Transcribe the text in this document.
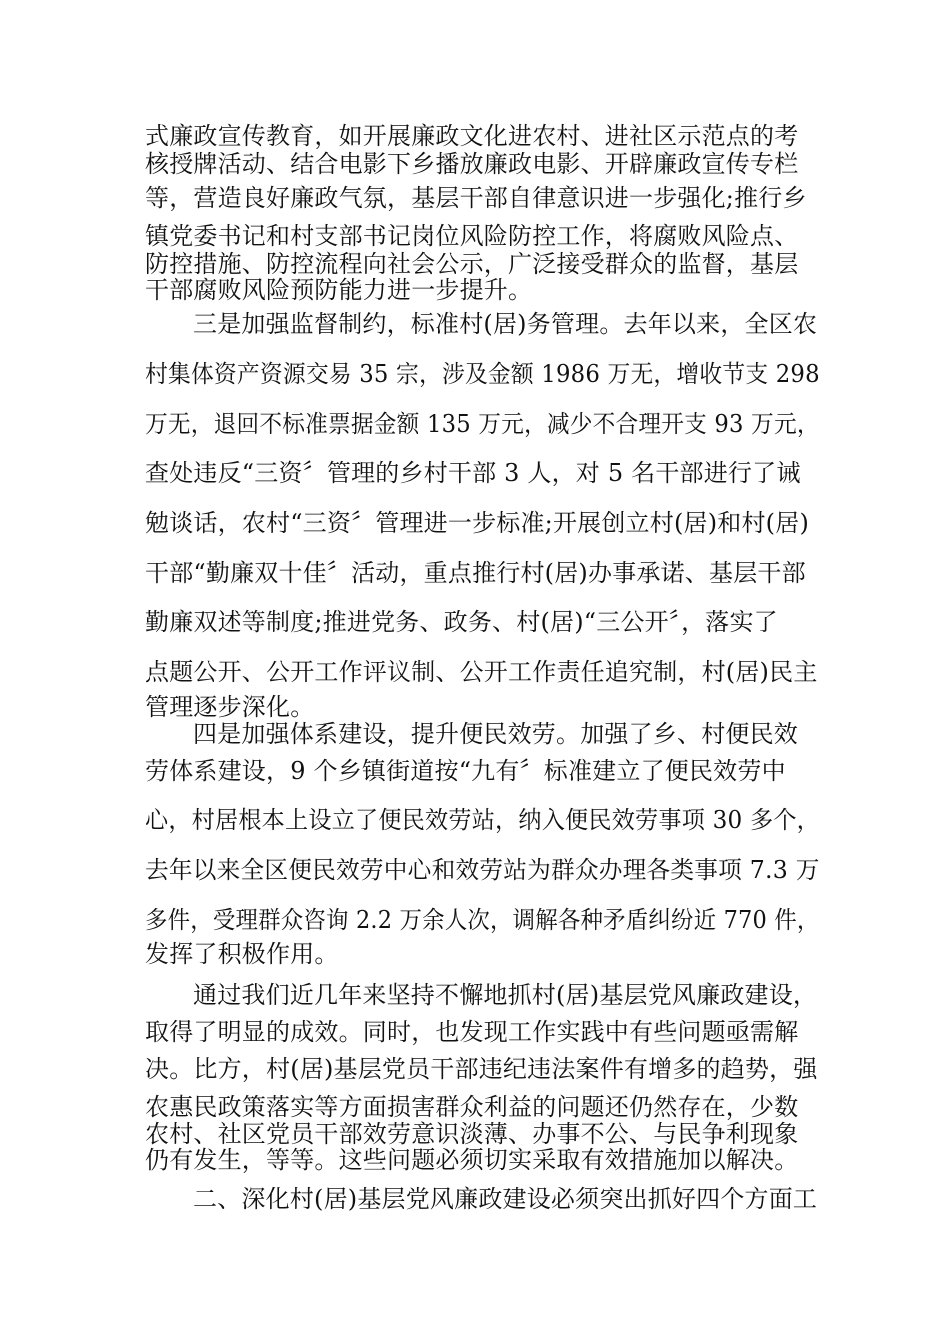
式廉政宣传教育，如开展廉政文化进农村、进社区示范点的考
核授牌活动、结合电影下乡播放廉政电影、开辟廉政宣传专栏
等，营造良好廉政气氛，基层干部自律意识进一步强化;推行乡
镇党委书记和村支部书记岗位风险防控工作，将腐败风险点、
防控措施、防控流程向社会公示，广泛接受群众的监督，基层
干部腐败风险预防能力进一步提升。
三是加强监督制约，标准村(居)务管理。去年以来，全区农
村集体资产资源交易 35 宗，涉及金额 1986 万无，增收节支 298
万无，退回不标准票据金额 135 万元，减少不合理开支 93 万元，
查处违反“三资〞管理的乡村干部 3 人，对 5 名干部进行了诫
勉谈话，农村“三资〞管理进一步标准;开展创立村(居)和村(居)
干部“勤廉双十佳〞活动，重点推行村(居)办事承诺、基层干部
勤廉双述等制度;推进党务、政务、村(居)“三公开〞，落实了
点题公开、公开工作评议制、公开工作责任追究制，村(居)民主
管理逐步深化。
四是加强体系建设，提升便民效劳。加强了乡、村便民效
劳体系建设，9 个乡镇街道按“九有〞标准建立了便民效劳中
心，村居根本上设立了便民效劳站，纳入便民效劳事项 30 多个，
去年以来全区便民效劳中心和效劳站为群众办理各类事项 7.3 万
多件，受理群众咨询 2.2 万余人次，调解各种矛盾纠纷近 770 件，
发挥了积极作用。
通过我们近几年来坚持不懈地抓村(居)基层党风廉政建设，
取得了明显的成效。同时，也发现工作实践中有些问题亟需解
决。比方，村(居)基层党员干部违纪违法案件有增多的趋势，强
农惠民政策落实等方面损害群众利益的问题还仍然存在，少数
农村、社区党员干部效劳意识淡薄、办事不公、与民争利现象
仍有发生，等等。这些问题必须切实采取有效措施加以解决。
二、深化村(居)基层党风廉政建设必须突出抓好四个方面工
